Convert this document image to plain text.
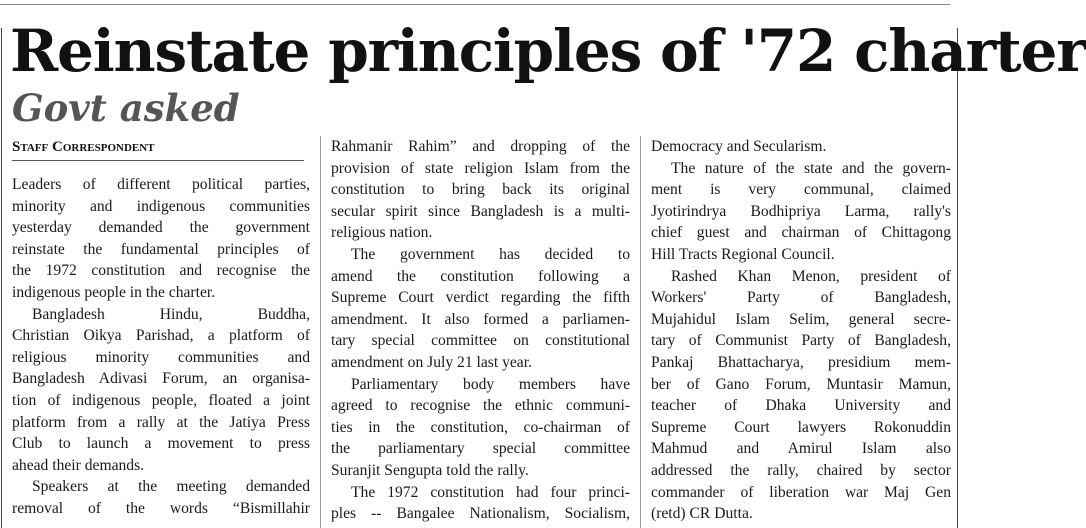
Reinstate principles of '72 charter
Govt asked
Staff Correspondent
Leaders of different political parties,
minority and indigenous communities
yesterday demanded the government
reinstate the fundamental principles of
the 1972 constitution and recognise the
indigenous people in the charter.
Bangladesh Hindu, Buddha,
Christian Oikya Parishad, a platform of
religious minority communities and
Bangladesh Adivasi Forum, an organisa-
tion of indigenous people, floated a joint
platform from a rally at the Jatiya Press
Club to launch a movement to press
ahead their demands.
Speakers at the meeting demanded
removal of the words “Bismillahir
Rahmanir Rahim” and dropping of the
provision of state religion Islam from the
constitution to bring back its original
secular spirit since Bangladesh is a multi-
religious nation.
The government has decided to
amend the constitution following a
Supreme Court verdict regarding the fifth
amendment. It also formed a parliamen-
tary special committee on constitutional
amendment on July 21 last year.
Parliamentary body members have
agreed to recognise the ethnic communi-
ties in the constitution, co-chairman of
the parliamentary special committee
Suranjit Sengupta told the rally.
The 1972 constitution had four princi-
ples -- Bangalee Nationalism, Socialism,
Democracy and Secularism.
The nature of the state and the govern-
ment is very communal, claimed
Jyotirindrya Bodhipriya Larma, rally's
chief guest and chairman of Chittagong
Hill Tracts Regional Council.
Rashed Khan Menon, president of
Workers' Party of Bangladesh,
Mujahidul Islam Selim, general secre-
tary of Communist Party of Bangladesh,
Pankaj Bhattacharya, presidium mem-
ber of Gano Forum, Muntasir Mamun,
teacher of Dhaka University and
Supreme Court lawyers Rokonuddin
Mahmud and Amirul Islam also
addressed the rally, chaired by sector
commander of liberation war Maj Gen
(retd) CR Dutta.
